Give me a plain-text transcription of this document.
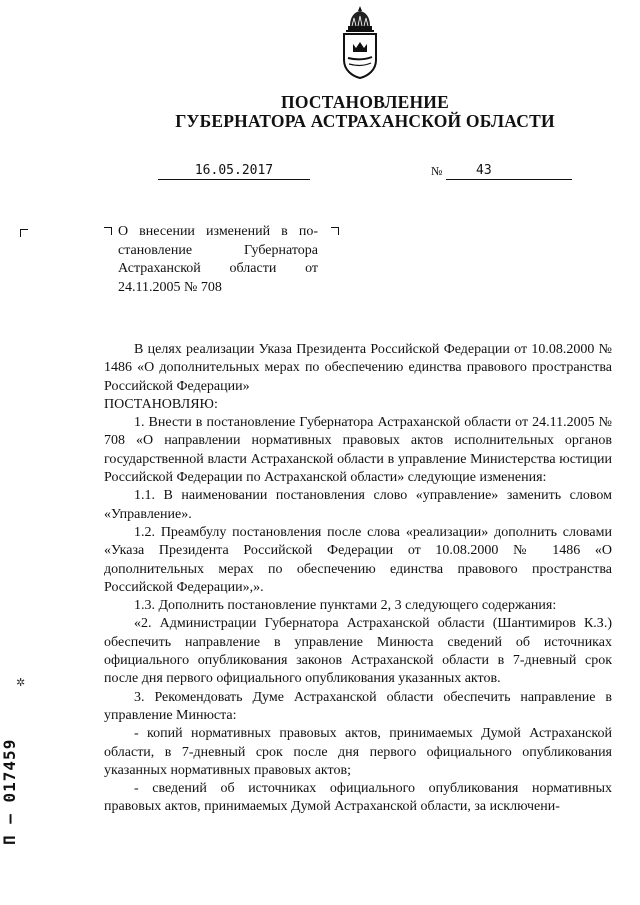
ПОСТАНОВЛЕНИЕ
ГУБЕРНАТОРА АСТРАХАНСКОЙ ОБЛАСТИ
16.05.2017	№	43
О внесении изменений в по-
становление Губернатора
Астраханской области от
24.11.2005 № 708

В целях реализации Указа Президента Российской Федерации от 10.08.2000 № 1486 «О дополнительных мерах по обеспечению единства правового пространства Российской Федерации»

ПОСТАНОВЛЯЮ:

1. Внести в постановление Губернатора Астраханской области от 24.11.2005 № 708 «О направлении нормативных правовых актов исполнительных органов государственной власти Астраханской области в управление Министерства юстиции Российской Федерации по Астраханской области» следующие изменения:

1.1. В наименовании постановления слово «управление» заменить словом «Управление».

1.2. Преамбулу постановления после слова «реализации» дополнить словами «Указа Президента Российской Федерации от 10.08.2000 № 1486 «О дополнительных мерах по обеспечению единства правового пространства Российской Федерации»,».

1.3. Дополнить постановление пунктами 2, 3 следующего содержания:

«2. Администрации Губернатора Астраханской области (Шантимиров К.З.) обеспечить направление в управление Минюста сведений об источниках официального опубликования законов Астраханской области в 7-дневный срок после дня первого официального опубликования указанных актов.

3. Рекомендовать Думе Астраханской области обеспечить направление в управление Минюста:

- копий нормативных правовых актов, принимаемых Думой Астраханской области, в 7-дневный срок после дня первого официального опубликования указанных нормативных правовых актов;

- сведений об источниках официального опубликования нормативных правовых актов, принимаемых Думой Астраханской области, за исключени-

✲
П – 017459
